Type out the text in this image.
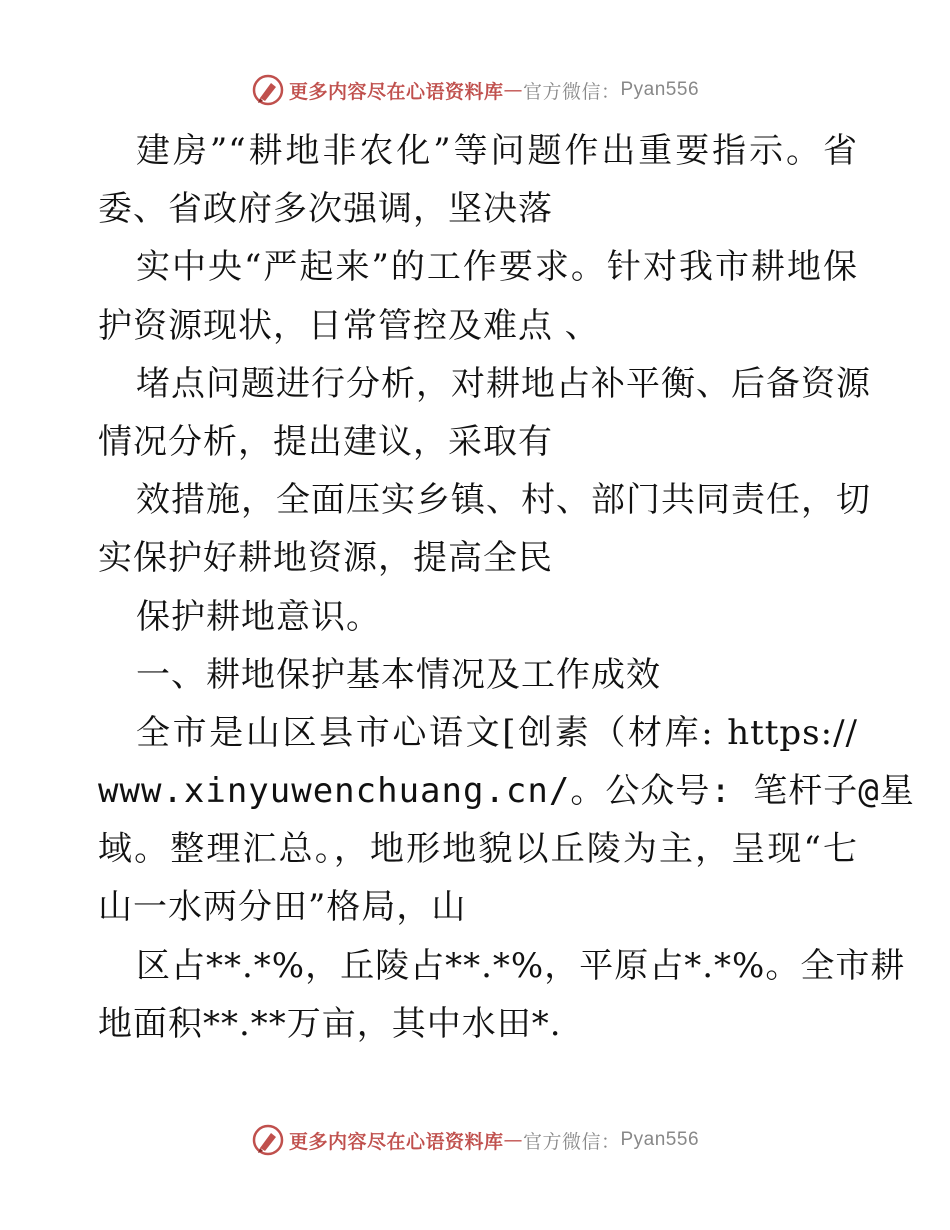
更多内容尽在心语资料库 — 官方微信： Pyan556
建房”“耕地非农化”等问题作出重要指示。省
委、省政府多次强调，坚决落
实中央“严起来”的工作要求。针对我市耕地保
护资源现状，日常管控及难点 、
堵点问题进行分析，对耕地占补平衡、后备资源
情况分析，提出建议，采取有
效措施，全面压实乡镇、村、部门共同责任，切
实保护好耕地资源，提高全民
保护耕地意识。
一、耕地保护基本情况及工作成效
全市是山区县市心语文[创素（材库: https://
www.xinyuwenchuang.cn/。公众号: 笔杆子@星
域。整理汇总。，地形地貌以丘陵为主，呈现“七
山一水两分田”格局，山
区占**.*%，丘陵占**.*%，平原占*.*%。全市耕
地面积**.**万亩，其中水田*.
更多内容尽在心语资料库 — 官方微信： Pyan556
